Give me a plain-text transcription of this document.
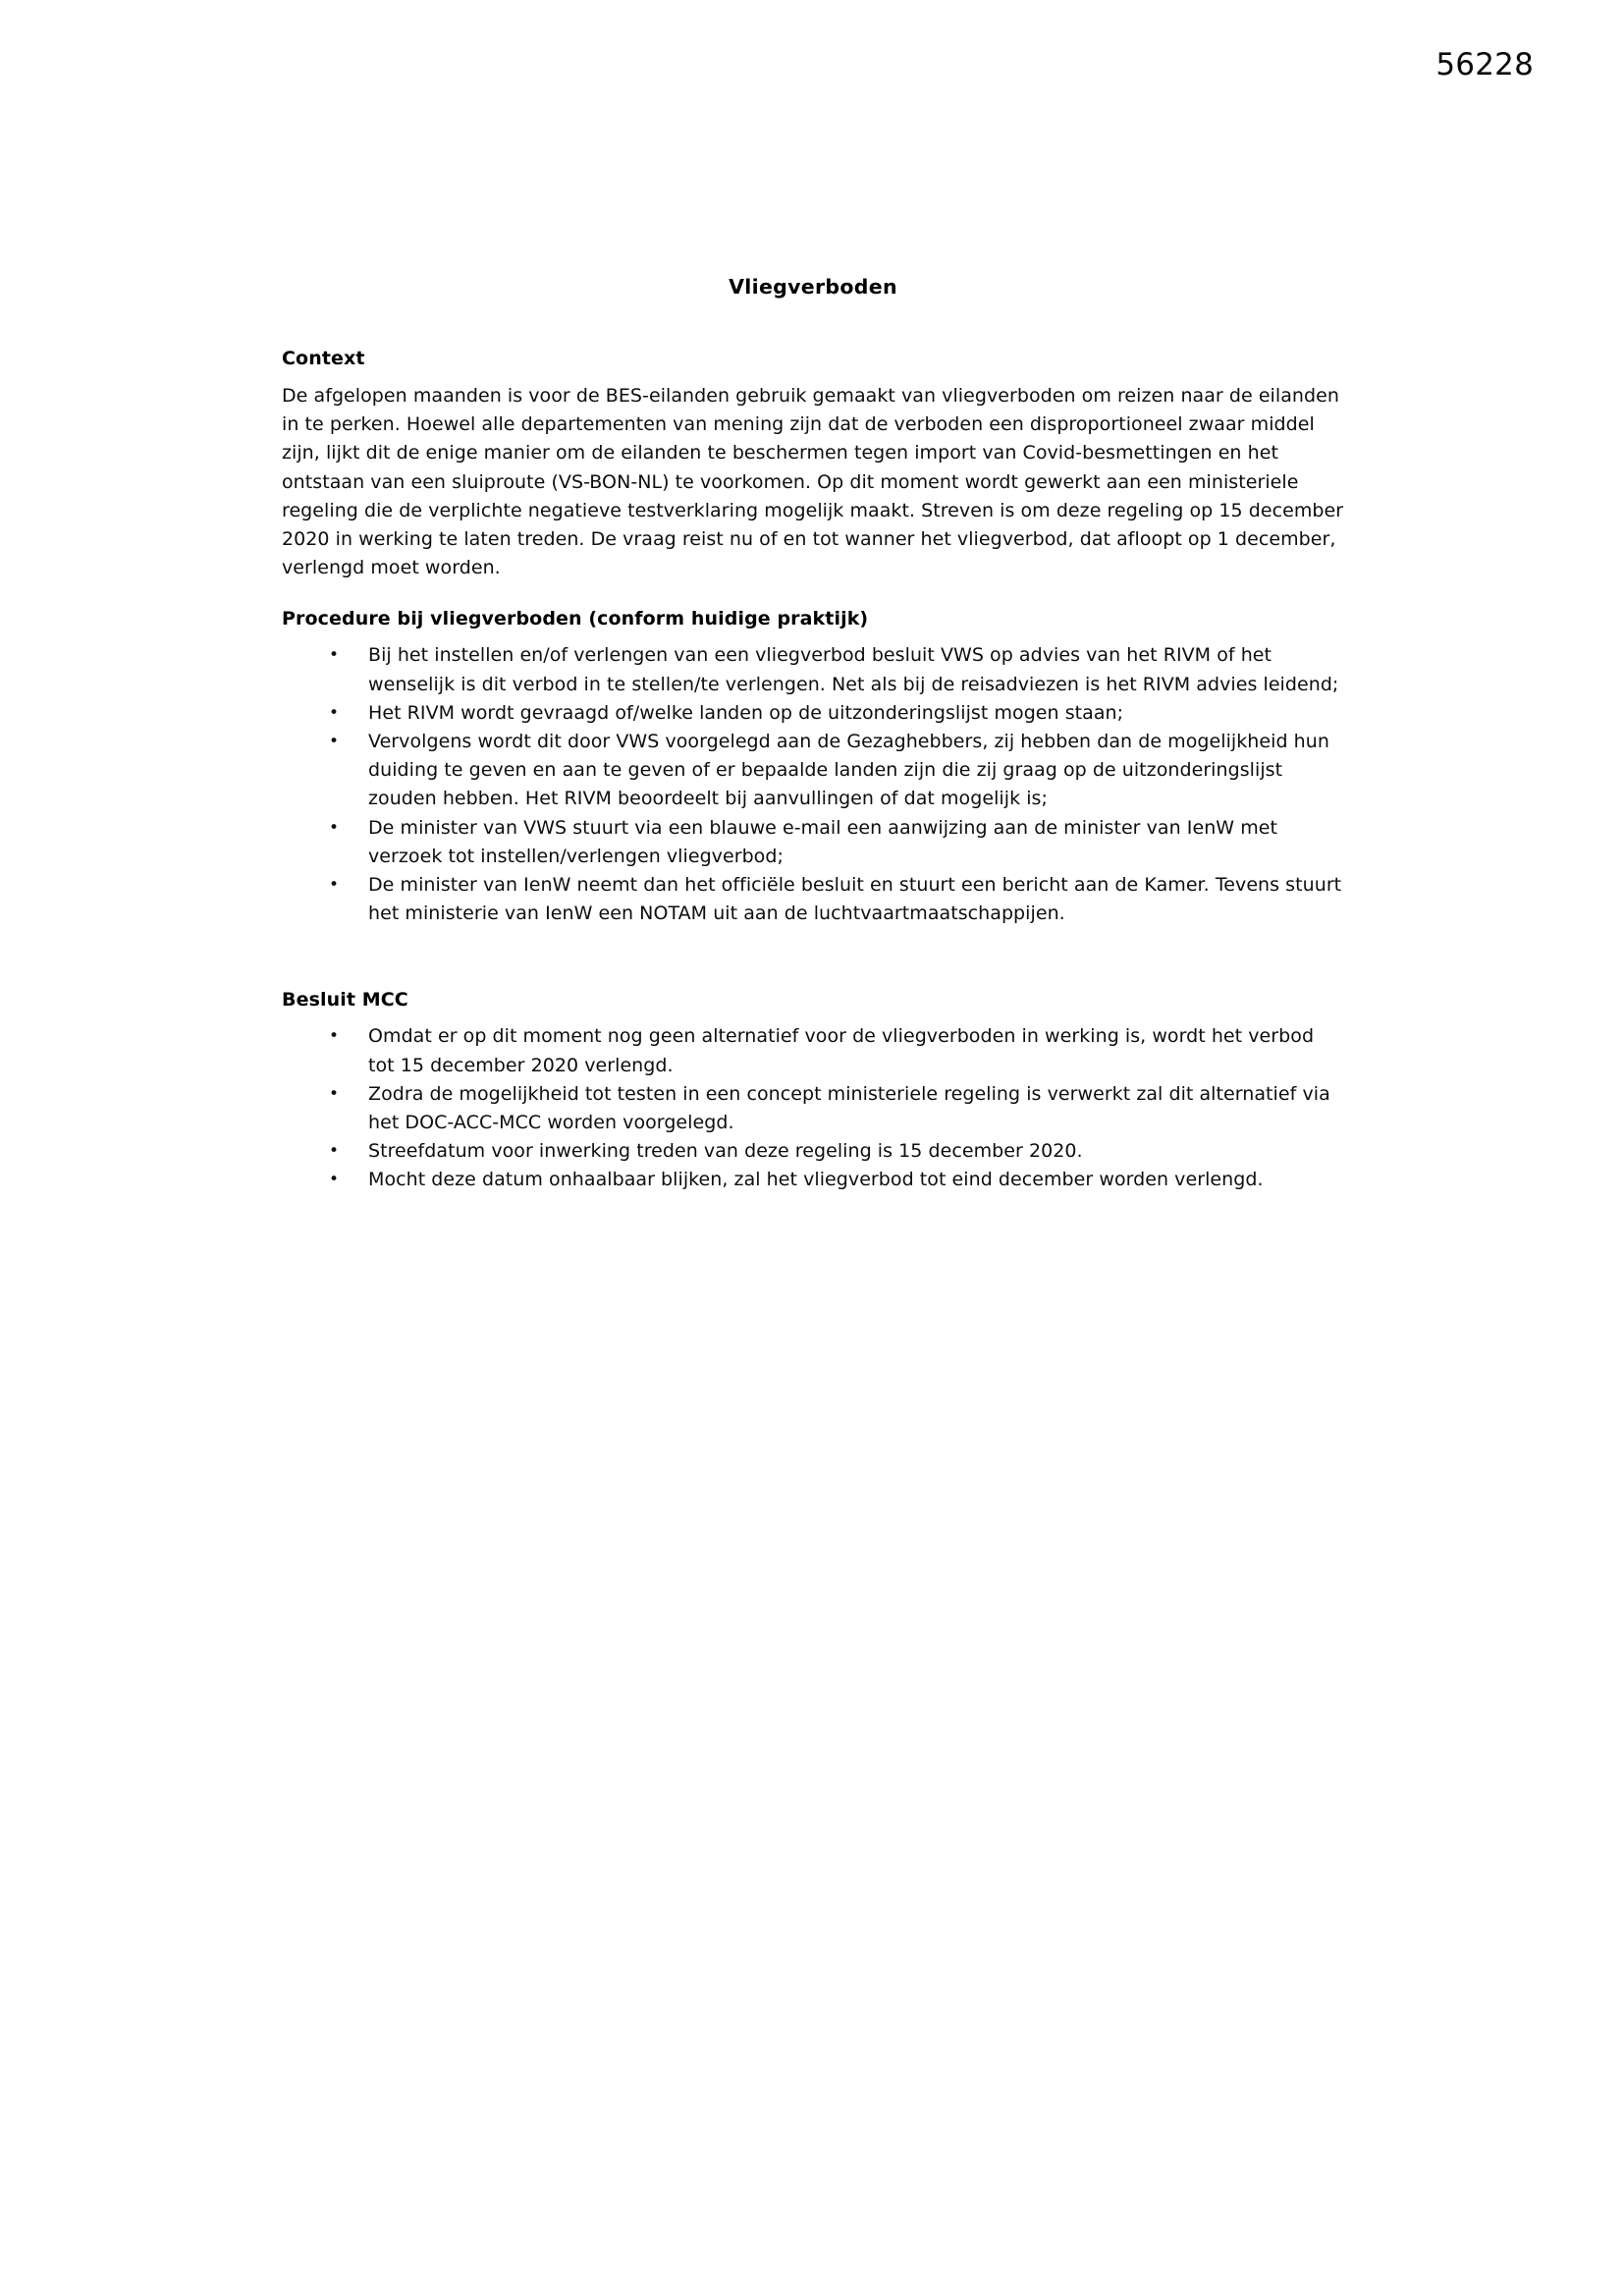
56228
Vliegverboden
Context

De afgelopen maanden is voor de BES-eilanden gebruik gemaakt van vliegverboden om reizen naar de eilanden in te perken. Hoewel alle departementen van mening zijn dat de verboden een disproportioneel zwaar middel zijn, lijkt dit de enige manier om de eilanden te beschermen tegen import van Covid-besmettingen en het ontstaan van een sluiproute (VS-BON-NL) te voorkomen. Op dit moment wordt gewerkt aan een ministeriele regeling die de verplichte negatieve testverklaring mogelijk maakt. Streven is om deze regeling op 15 december 2020 in werking te laten treden. De vraag reist nu of en tot wanner het vliegverbod, dat afloopt op 1 december, verlengd moet worden.

Procedure bij vliegverboden (conform huidige praktijk)
• Bij het instellen en/of verlengen van een vliegverbod besluit VWS op advies van het RIVM of het wenselijk is dit verbod in te stellen/te verlengen. Net als bij de reisadviezen is het RIVM advies leidend;
• Het RIVM wordt gevraagd of/welke landen op de uitzonderingslijst mogen staan;
• Vervolgens wordt dit door VWS voorgelegd aan de Gezaghebbers, zij hebben dan de mogelijkheid hun duiding te geven en aan te geven of er bepaalde landen zijn die zij graag op de uitzonderingslijst zouden hebben. Het RIVM beoordeelt bij aanvullingen of dat mogelijk is;
• De minister van VWS stuurt via een blauwe e-mail een aanwijzing aan de minister van IenW met verzoek tot instellen/verlengen vliegverbod;
• De minister van IenW neemt dan het officiële besluit en stuurt een bericht aan de Kamer. Tevens stuurt het ministerie van IenW een NOTAM uit aan de luchtvaartmaatschappijen.
Besluit MCC
• Omdat er op dit moment nog geen alternatief voor de vliegverboden in werking is, wordt het verbod tot 15 december 2020 verlengd.
• Zodra de mogelijkheid tot testen in een concept ministeriele regeling is verwerkt zal dit alternatief via het DOC-ACC-MCC worden voorgelegd.
• Streefdatum voor inwerking treden van deze regeling is 15 december 2020.
• Mocht deze datum onhaalbaar blijken, zal het vliegverbod tot eind december worden verlengd.
